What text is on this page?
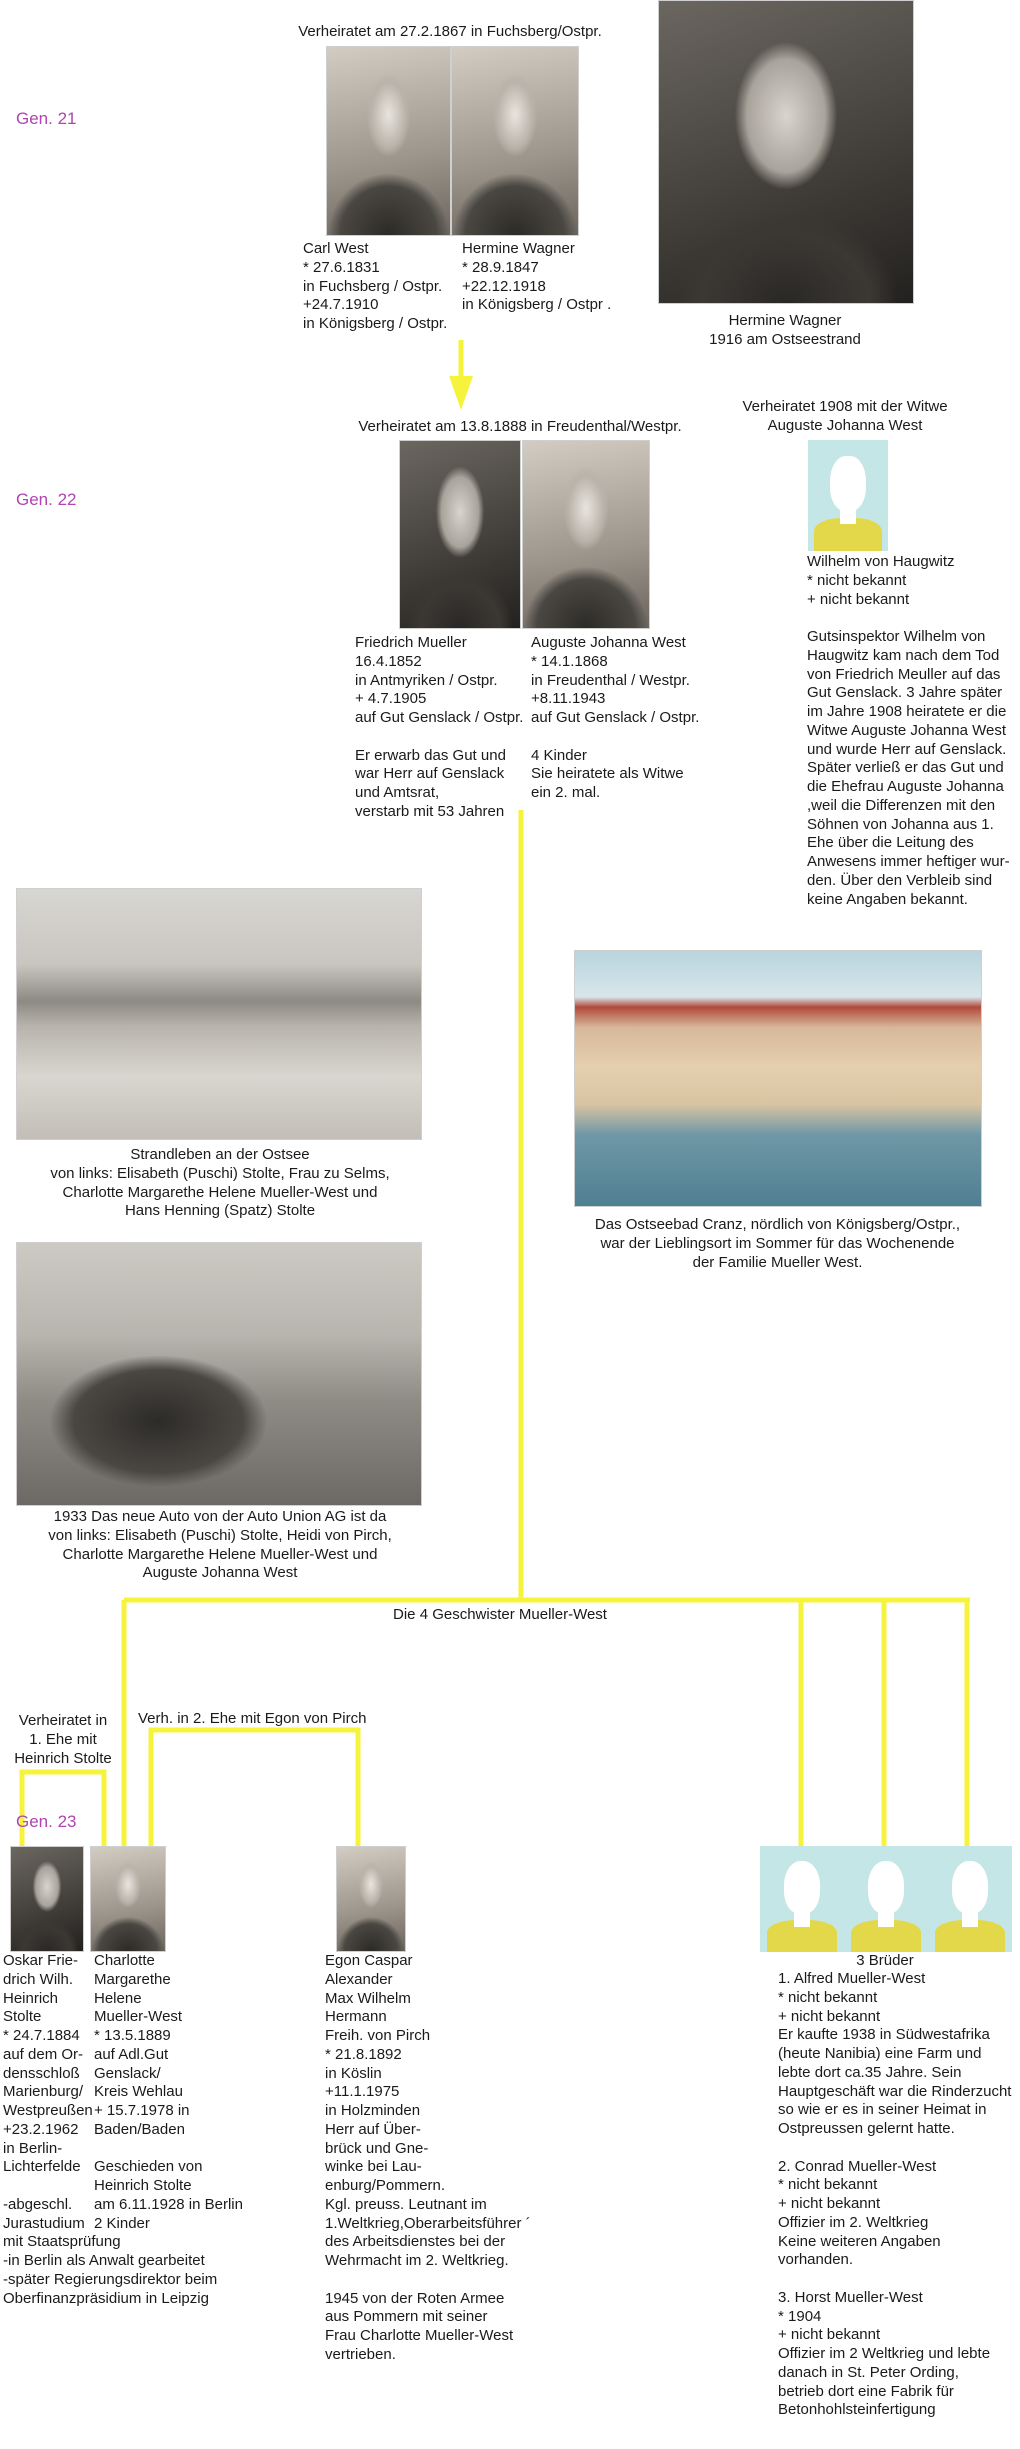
Gen. 21
Verheiratet am 27.2.1867 in Fuchsberg/Ostpr.
Carl West
* 27.6.1831
in Fuchsberg / Ostpr.
+24.7.1910
in Königsberg / Ostpr.
Hermine Wagner
* 28.9.1847
+22.12.1918
in Königsberg / Ostpr .
Hermine Wagner
1916 am Ostseestrand
Gen. 22
Verheiratet am 13.8.1888 in Freudenthal/Westpr.
Friedrich Mueller
16.4.1852
in Antmyriken / Ostpr.
+ 4.7.1905
auf Gut Genslack / Ostpr.

Er erwarb das Gut und
war Herr auf Genslack
und Amtsrat,
verstarb mit 53 Jahren
Auguste Johanna West
* 14.1.1868
in Freudenthal / Westpr.
+8.11.1943
auf Gut Genslack / Ostpr.

4 Kinder
Sie heiratete als Witwe
ein 2. mal.
Verheiratet 1908 mit der Witwe
Auguste Johanna West
Wilhelm von Haugwitz
* nicht bekannt
+ nicht bekannt

Gutsinspektor Wilhelm von
Haugwitz kam nach dem Tod
von Friedrich Meuller auf das
Gut Genslack. 3 Jahre später
im Jahre 1908 heiratete er die
Witwe Auguste Johanna West
und wurde Herr auf Genslack.
Später verließ er das Gut und
die Ehefrau Auguste Johanna
,weil die Differenzen mit den
Söhnen von Johanna aus 1.
Ehe über die Leitung des
Anwesens immer heftiger wur-
den. Über den Verbleib sind
keine Angaben bekannt.
Strandleben an der Ostsee
von links: Elisabeth (Puschi) Stolte, Frau zu Selms,
Charlotte Margarethe Helene Mueller-West und
Hans Henning (Spatz) Stolte
Das Ostseebad Cranz, nördlich von Königsberg/Ostpr.,
war der Lieblingsort im Sommer für das Wochenende
der Familie Mueller West.
1933 Das neue Auto von der Auto Union AG ist da
von links: Elisabeth (Puschi) Stolte, Heidi von Pirch,
Charlotte Margarethe Helene Mueller-West und
Auguste Johanna West
Die 4 Geschwister Mueller-West
Verheiratet in
1. Ehe mit
Heinrich Stolte
Verh. in 2. Ehe mit Egon von Pirch
Gen. 23
Oskar Frie-
drich Wilh.
Heinrich
Stolte
* 24.7.1884
auf dem Or-
densschloß
Marienburg/
Westpreußen
+23.2.1962
in Berlin-
Lichterfelde

-abgeschl.
Jurastudium
mit Staatsprüfung
-in Berlin als Anwalt gearbeitet
-später Regierungsdirektor beim
Oberfinanzpräsidium in Leipzig
Charlotte
Margarethe
Helene
Mueller-West
* 13.5.1889
auf Adl.Gut
Genslack/
Kreis Wehlau
+ 15.7.1978 in
Baden/Baden

Geschieden von
Heinrich Stolte
am 6.11.1928 in Berlin
2 Kinder
Egon Caspar
Alexander
Max Wilhelm
Hermann
Freih. von Pirch
* 21.8.1892
in Köslin
+11.1.1975
in Holzminden
Herr auf Über-
brück und Gne-
winke bei Lau-
enburg/Pommern.
Kgl. preuss. Leutnant im
1.Weltkrieg,Oberarbeitsführer ´
des Arbeitsdienstes bei der
Wehrmacht im 2. Weltkrieg.

1945 von der Roten Armee
aus Pommern mit seiner
Frau Charlotte Mueller-West
vertrieben.
3 Brüder
1. Alfred Mueller-West
* nicht bekannt
+ nicht bekannt
Er kaufte 1938 in Südwestafrika
(heute Nanibia) eine Farm und
lebte dort ca.35 Jahre. Sein
Hauptgeschäft war die Rinderzucht
so wie er es in seiner Heimat in
Ostpreussen gelernt hatte.

2. Conrad Mueller-West
* nicht bekannt
+ nicht bekannt
Offizier im 2. Weltkrieg
Keine weiteren Angaben
vorhanden.

3. Horst Mueller-West
* 1904
+ nicht bekannt
Offizier im 2 Weltkrieg und lebte
danach in St. Peter Ording,
betrieb dort eine Fabrik für
Betonhohlsteinfertigung
